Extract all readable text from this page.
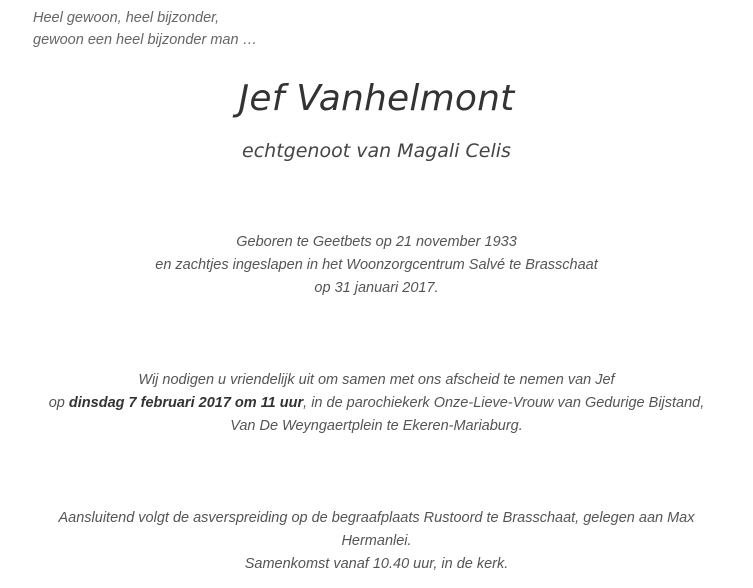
Heel gewoon, heel bijzonder,
gewoon een heel bijzonder man …
Jef Vanhelmont
echtgenoot van Magali Celis
Geboren te Geetbets op 21 november 1933
en zachtjes ingeslapen in het Woonzorgcentrum Salvé te Brasschaat
op 31 januari 2017.
Wij nodigen u vriendelijk uit om samen met ons afscheid te nemen van Jef
op dinsdag 7 februari 2017 om 11 uur, in de parochiekerk Onze-Lieve-Vrouw van Gedurige Bijstand,
Van De Weyngaertplein te Ekeren-Mariaburg.
Aansluitend volgt de asverspreiding op de begraafplaats Rustoord te Brasschaat, gelegen aan Max
Hermanlei.
Samenkomst vanaf 10.40 uur, in de kerk.
